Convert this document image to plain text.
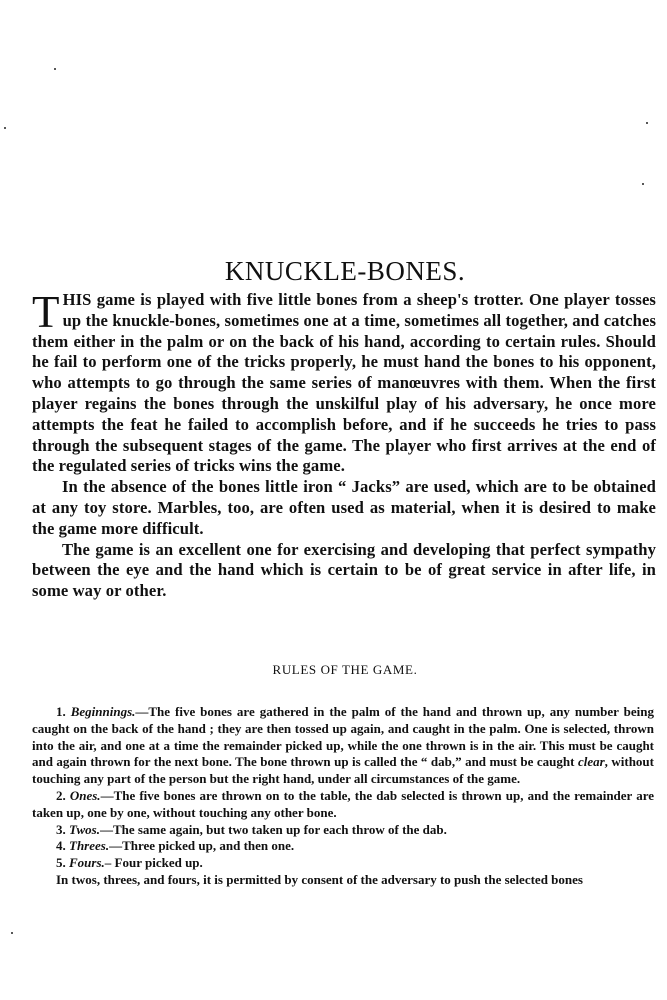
KNUCKLE-BONES.

THIS game is played with five little bones from a sheep's trotter. One player tosses up the knuckle-bones, sometimes one at a time, sometimes all together, and catches them either in the palm or on the back of his hand, according to certain rules. Should he fail to perform one of the tricks properly, he must hand the bones to his opponent, who attempts to go through the same series of manœuvres with them. When the first player regains the bones through the unskilful play of his adversary, he once more attempts the feat he failed to accomplish before, and if he succeeds he tries to pass through the subsequent stages of the game. The player who first arrives at the end of the regulated series of tricks wins the game.

In the absence of the bones little iron “ Jacks” are used, which are to be obtained at any toy store. Marbles, too, are often used as material, when it is desired to make the game more difficult.

The game is an excellent one for exercising and developing that perfect sympathy between the eye and the hand which is certain to be of great service in after life, in some way or other.

RULES OF THE GAME.

1. Beginnings.—The five bones are gathered in the palm of the hand and thrown up, any number being caught on the back of the hand ; they are then tossed up again, and caught in the palm. One is selected, thrown into the air, and one at a time the remainder picked up, while the one thrown is in the air. This must be caught and again thrown for the next bone. The bone thrown up is called the “ dab,” and must be caught clear, without touching any part of the person but the right hand, under all circumstances of the game.

2. Ones.—The five bones are thrown on to the table, the dab selected is thrown up, and the remainder are taken up, one by one, without touching any other bone.

3. Twos.—The same again, but two taken up for each throw of the dab.

4. Threes.—Three picked up, and then one.

5. Fours.– Four picked up.

In twos, threes, and fours, it is permitted by consent of the adversary to push the selected bones
